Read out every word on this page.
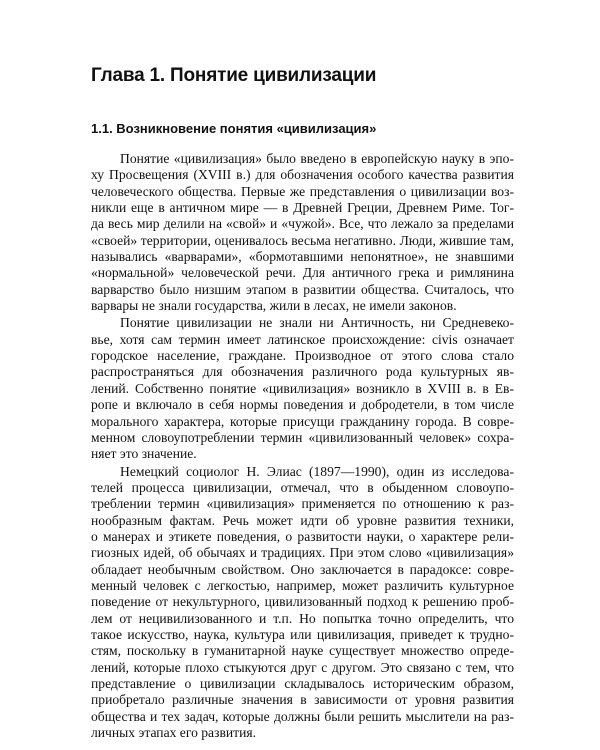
Глава 1. Понятие цивилизации
1.1. Возникновение понятия «цивилизация»
Понятие «цивилизация» было введено в европейскую науку в эпо-
ху Просвещения (XVIII в.) для обозначения особого качества развития
человеческого общества. Первые же представления о цивилизации воз-
никли еще в античном мире — в Древней Греции, Древнем Риме. Тог-
да весь мир делили на «свой» и «чужой». Все, что лежало за пределами
«своей» территории, оценивалось весьма негативно. Люди, жившие там,
назывались «варварами», «бормотавшими непонятное», не знавшими
«нормальной» человеческой речи. Для античного грека и римлянина
варварство было низшим этапом в развитии общества. Считалось, что
варвары не знали государства, жили в лесах, не имели законов.
Понятие цивилизации не знали ни Античность, ни Средневеко-
вье, хотя сам термин имеет латинское происхождение: civis означает
городское население, граждане. Производное от этого слова стало
распространяться для обозначения различного рода культурных яв-
лений. Собственно понятие «цивилизация» возникло в XVIII в. в Ев-
ропе и включало в себя нормы поведения и добродетели, в том числе
морального характера, которые присущи гражданину города. В совре-
менном словоупотреблении термин «цивилизованный человек» сохра-
няет это значение.
Немецкий социолог Н. Элиас (1897—1990), один из исследова-
телей процесса цивилизации, отмечал, что в обыденном словоупо-
треблении термин «цивилизация» применяется по отношению к раз-
нообразным фактам. Речь может идти об уровне развития техники,
о манерах и этикете поведения, о развитости науки, о характере рели-
гиозных идей, об обычаях и традициях. При этом слово «цивилизация»
обладает необычным свойством. Оно заключается в парадоксе: совре-
менный человек с легкостью, например, может различить культурное
поведение от некультурного, цивилизованный подход к решению проб-
лем от нецивилизованного и т.п. Но попытка точно определить, что
такое искусство, наука, культура или цивилизация, приведет к трудно-
стям, поскольку в гуманитарной науке существует множество опреде-
лений, которые плохо стыкуются друг с другом. Это связано с тем, что
представление о цивилизации складывалось историческим образом,
приобретало различные значения в зависимости от уровня развития
общества и тех задач, которые должны были решить мыслители на раз-
личных этапах его развития.
